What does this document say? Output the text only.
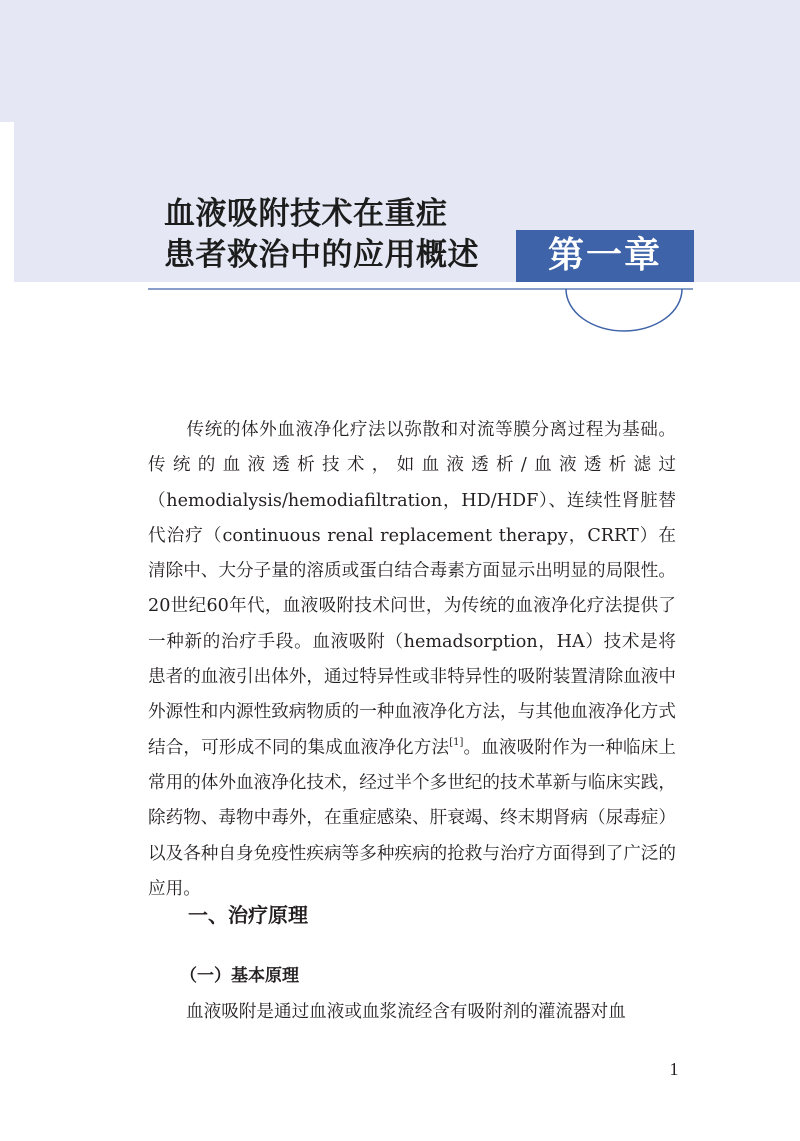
血液吸附技术在重症
患者救治中的应用概述	第一章

传统的体外血液净化疗法以弥散和对流等膜分离过程为基础。传统的血液透析技术，如血液透析/血液透析滤过（hemodialysis/hemodiafiltration，HD/HDF）、连续性肾脏替代治疗（continuous renal replacement therapy，CRRT）在清除中、大分子量的溶质或蛋白结合毒素方面显示出明显的局限性。20世纪60年代，血液吸附技术问世，为传统的血液净化疗法提供了一种新的治疗手段。血液吸附（hemadsorption，HA）技术是将患者的血液引出体外，通过特异性或非特异性的吸附装置清除血液中外源性和内源性致病物质的一种血液净化方法，与其他血液净化方式结合，可形成不同的集成血液净化方法[1]。血液吸附作为一种临床上常用的体外血液净化技术，经过半个多世纪的技术革新与临床实践，除药物、毒物中毒外，在重症感染、肝衰竭、终末期肾病（尿毒症）以及各种自身免疫性疾病等多种疾病的抢救与治疗方面得到了广泛的应用。

一、治疗原理
（一）基本原理

血液吸附是通过血液或血浆流经含有吸附剂的灌流器对血

1
